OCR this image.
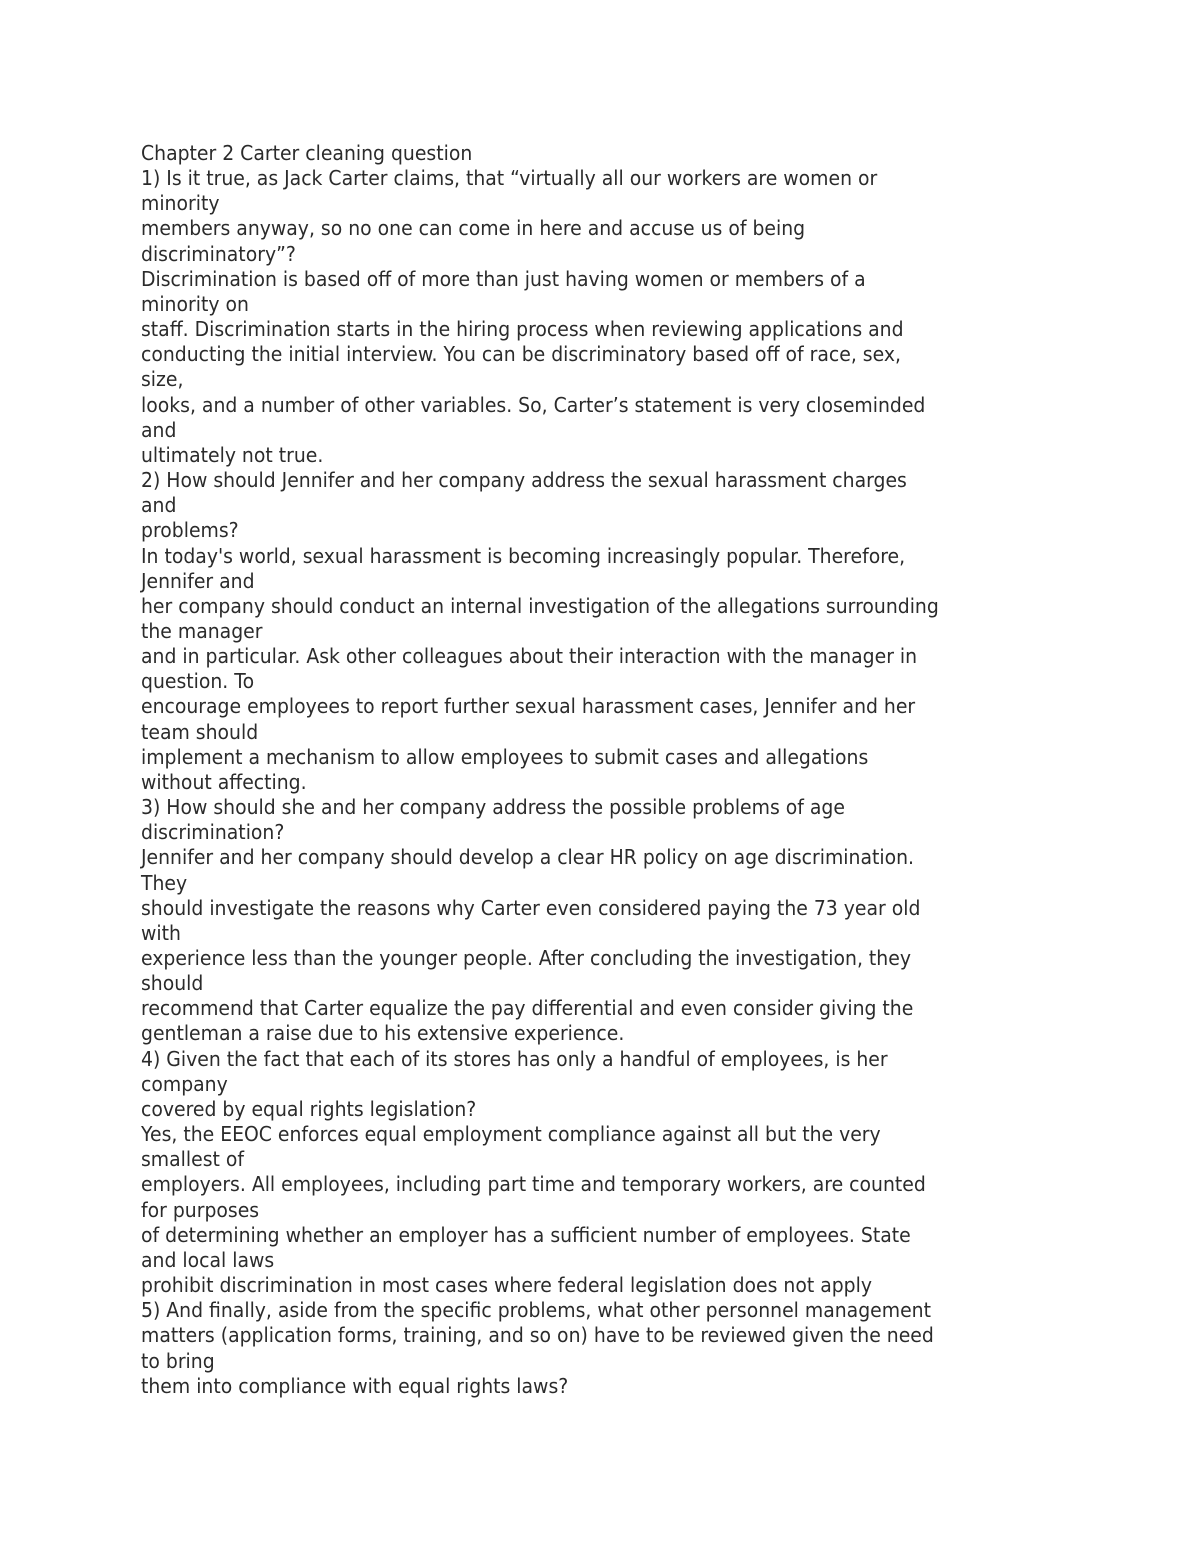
Chapter 2 Carter cleaning question
1) Is it true, as Jack Carter claims, that “virtually all our workers are women or
minority
members anyway, so no one can come in here and accuse us of being
discriminatory”?
Discrimination is based off of more than just having women or members of a
minority on
staff. Discrimination starts in the hiring process when reviewing applications and
conducting the initial interview. You can be discriminatory based off of race, sex,
size,
looks, and a number of other variables. So, Carter’s statement is very closeminded
and
ultimately not true.
2) How should Jennifer and her company address the sexual harassment charges
and
problems?
In today's world, sexual harassment is becoming increasingly popular. Therefore,
Jennifer and
her company should conduct an internal investigation of the allegations surrounding
the manager
and in particular. Ask other colleagues about their interaction with the manager in
question. To
encourage employees to report further sexual harassment cases, Jennifer and her
team should
implement a mechanism to allow employees to submit cases and allegations
without affecting.
3) How should she and her company address the possible problems of age
discrimination?
Jennifer and her company should develop a clear HR policy on age discrimination.
They
should investigate the reasons why Carter even considered paying the 73 year old
with
experience less than the younger people. After concluding the investigation, they
should
recommend that Carter equalize the pay differential and even consider giving the
gentleman a raise due to his extensive experience.
4) Given the fact that each of its stores has only a handful of employees, is her
company
covered by equal rights legislation?
Yes, the EEOC enforces equal employment compliance against all but the very
smallest of
employers. All employees, including part time and temporary workers, are counted
for purposes
of determining whether an employer has a sufficient number of employees. State
and local laws
prohibit discrimination in most cases where federal legislation does not apply
5) And finally, aside from the specific problems, what other personnel management
matters (application forms, training, and so on) have to be reviewed given the need
to bring
them into compliance with equal rights laws?
